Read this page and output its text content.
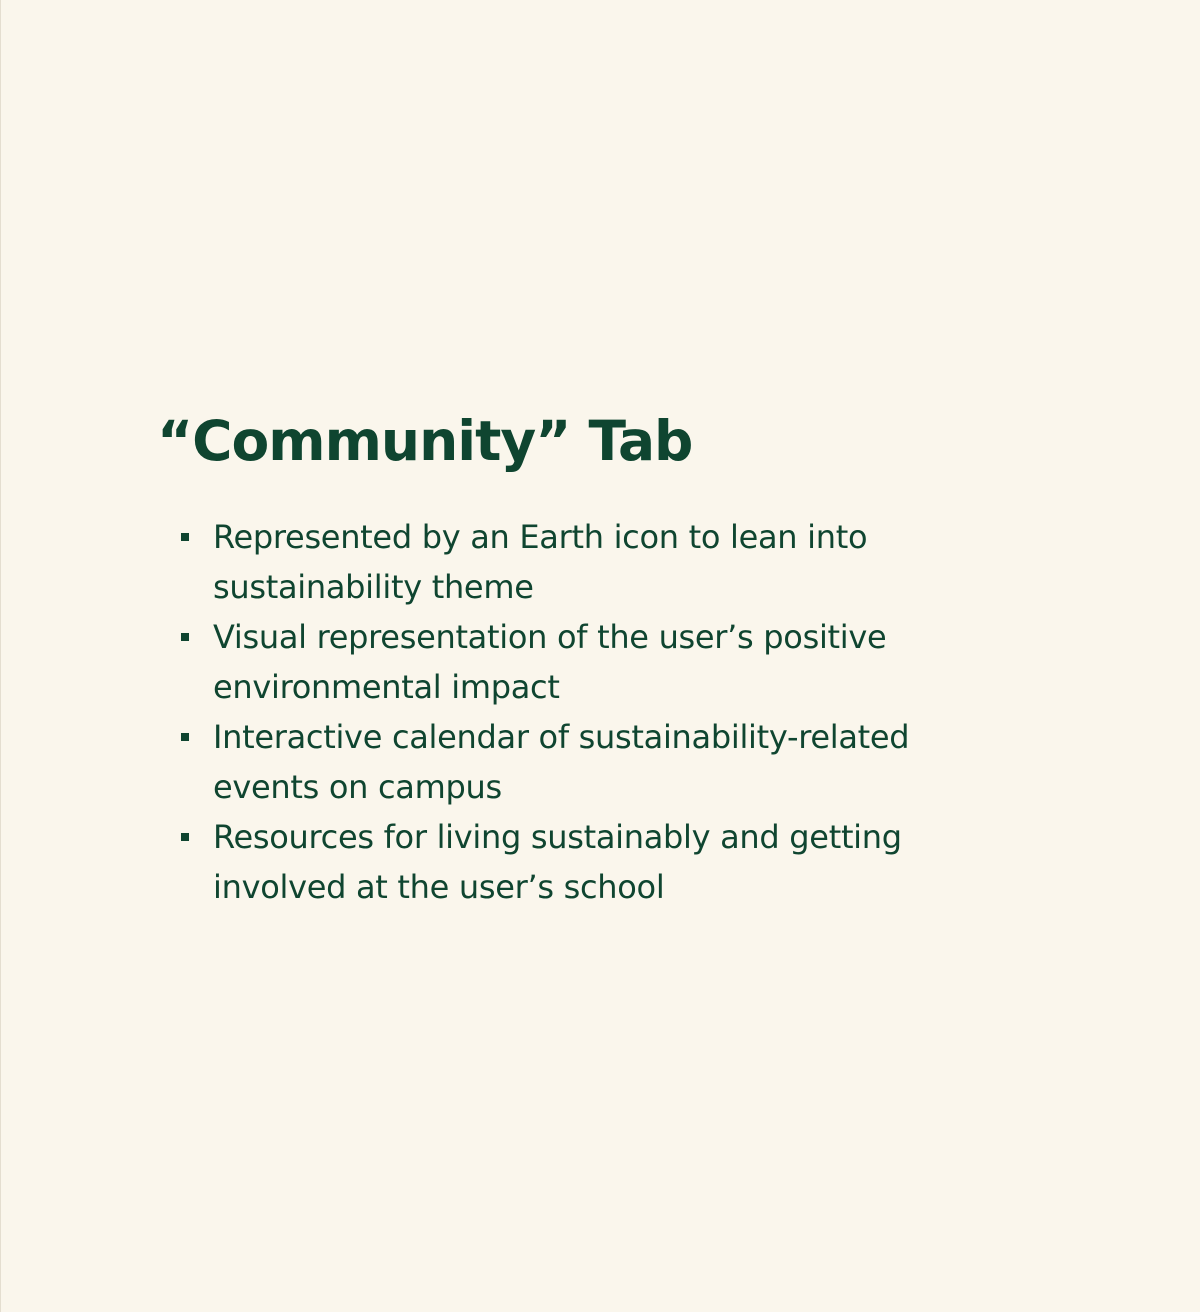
“Community” Tab
Represented by an Earth icon to lean into sustainability theme
Visual representation of the user’s positive environmental impact
Interactive calendar of sustainability-related events on campus
Resources for living sustainably and getting involved at the user’s school
